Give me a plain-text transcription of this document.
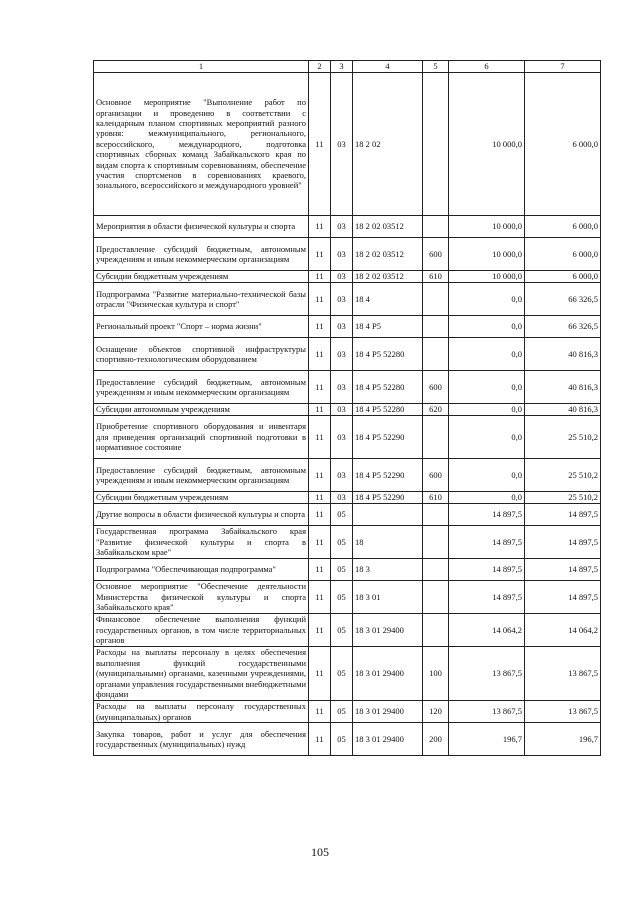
1	2	3	4	5	6	7
Основное мероприятие "Выполнение работ по организации и проведению в соответствии с календарным планом спортивных мероприятий разного уровня: межмуниципального, регионального, всероссийского, международного, подготовка спортивных сборных команд Забайкальского края по видам спорта к спортивным соревнованиям, обеспечение участия спортсменов в соревнованиях краевого, зонального, всероссийского и международного уровней"	11	03	18 2 02		10 000,0	6 000,0
Мероприятия в области физической культуры и спорта	11	03	18 2 02 03512		10 000,0	6 000,0
Предоставление субсидий бюджетным, автономным учреждениям и иным некоммерческим организациям	11	03	18 2 02 03512	600	10 000,0	6 000,0
Субсидии бюджетным учреждениям	11	03	18 2 02 03512	610	10 000,0	6 000,0
Подпрограмма "Развитие материально-технической базы отрасли "Физическая культура и спорт"	11	03	18 4		0,0	66 326,5
Региональный проект "Спорт – норма жизни"	11	03	18 4 P5		0,0	66 326,5
Оснащение объектов спортивной инфраструктуры спортивно-технологическим оборудованием	11	03	18 4 P5 52280		0,0	40 816,3
Предоставление субсидий бюджетным, автономным учреждениям и иным некоммерческим организациям	11	03	18 4 P5 52280	600	0,0	40 816,3
Субсидии автономным учреждениям	11	03	18 4 P5 52280	620	0,0	40 816,3
Приобретение спортивного оборудования и инвентаря для приведения организаций спортивной подготовки в нормативное состояние	11	03	18 4 P5 52290		0,0	25 510,2
Предоставление субсидий бюджетным, автономным учреждениям и иным некоммерческим организациям	11	03	18 4 P5 52290	600	0,0	25 510,2
Субсидии бюджетным учреждениям	11	03	18 4 P5 52290	610	0,0	25 510,2
Другие вопросы в области физической культуры и спорта	11	05			14 897,5	14 897,5
Государственная программа Забайкальского края "Развитие физической культуры и спорта в Забайкальском крае"	11	05	18		14 897,5	14 897,5
Подпрограмма "Обеспечивающая подпрограмма"	11	05	18 3		14 897,5	14 897,5
Основное мероприятие "Обеспечение деятельности Министерства физической культуры и спорта Забайкальского края"	11	05	18 3 01		14 897,5	14 897,5
Финансовое обеспечение выполнения функций государственных органов, в том числе территориальных органов	11	05	18 3 01 29400		14 064,2	14 064,2
Расходы на выплаты персоналу в целях обеспечения выполнения функций государственными (муниципальными) органами, казенными учреждениями, органами управления государственными внебюджетными фондами	11	05	18 3 01 29400	100	13 867,5	13 867,5
Расходы на выплаты персоналу государственных (муниципальных) органов	11	05	18 3 01 29400	120	13 867,5	13 867,5
Закупка товаров, работ и услуг для обеспечения государственных (муниципальных) нужд	11	05	18 3 01 29400	200	196,7	196,7
105
